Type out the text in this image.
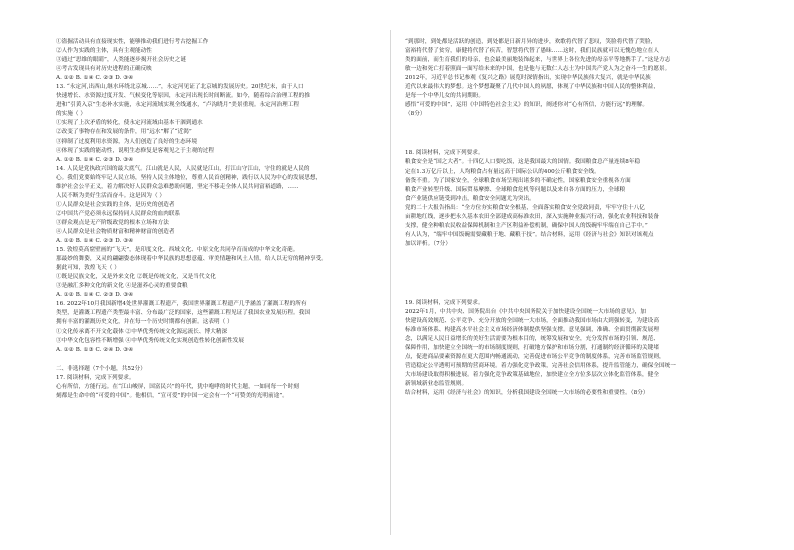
①盗掘活动具有直接现实性，能够推动我们进行考古挖掘工作
②人作为实践的主体，具有主观能动性
③通过“思维的眼睛”，人类能逐步揭开社会历史之谜
④考古发现具有对历史进程的正确反映
A. ①② B. ①④ C. ②③ D. ③④
13. “永定河,出西山,继水环绕北京城……”，永定河见证了北京城的发展历史。20世纪末，由于人口
快速增长、水资源过度开发、气候变化等原因，永定河出现长时间断流。如今，随着综合治理工程的推
进和“引黄入京”生态补水实施，永定河流域实现全线通水，“卢沟晓月”美景重现。永定河治理工程
的实施（ ）
①实现了上次矛盾的转化，使永定河流域由基本干涸到通水
②改变了事物存在和发展的条件，用“远水”解了“近渴”
③抑制了过度利用水资源，为人们创造了良好的生态环境
④体现了实践的能动性，说明生态修复是客观见之于主观的过程
A. ①② B. ①④ C. ②③ D. ③④
14. 人民是党执政兴国的最大底气。江山就是人民，人民就是江山，打江山守江山，守住的就是人民的
心。我们党要始终牢记人民立场，坚持人民主体地位，尊重人民首创精神，践行以人民为中心的发展思想，
维护社会公平正义，着力解决好人民群众急难愁盼问题，坚定不移走全体人民共同富裕道路，……
人民不断为美好生活而奋斗。这是因为（ ）
①人民群众是社会实践的主体，是历史的创造者
②中国共产党必须永远保持同人民群众的血肉联系
③群众观点是无产阶级政党的根本立场和方法
④人民群众是社会物质财富和精神财富的创造者
A. ①② B. ①④ C. ②③ D. ③④
15. 敦煌莫高窟壁画的“飞天”，是印度文化、西域文化、中原文化共同孕育而成的中华文化奇葩。
那最妙的舞姿，又灵的翩翩姿态体现着中华民族的思想意蕴、审美情趣和风土人情，给人以无穷的精神享受。
据此可知，敦煌飞天（ ）
①既是民族文化，又是外来文化 ②既是传统文化，又是当代文化
③是融汇多种文化的新文化 ④是滋养心灵的重要食粮
A. ①② B. ①④ C. ②③ D. ③④
16. 2022年10月我国新增4处世界灌溉工程遗产，我国世界灌溉工程遗产几乎涵盖了灌溉工程的所有
类型，是灌溉工程遗产类型最丰富、分布最广泛的国家，这些灌溉工程见证了我国农业发展历程。我国
拥有丰富的灌溉历史文化，并在每一个历史时期都有创新。这表明（ ）
①文化传承离不开文化载体 ②中华优秀传统文化源远流长、博大精深
③中华文化包容性不断增强 ④中华优秀传统文化实现创造性转化创新性发展
A. ①② B. ①③ C. ②④ D. ③④
二、非选择题（7个小题，共52分）
17. 阅读材料，完成下列要求。
心有所信，方能行远。在“江山峻屏，国富民兴”的年代，犹中咆哮的时代主题，一如同每一个时刻
刻都是生命中的“可爱的中国”。他相信，“宣可爱”的中国一定会有一个“可赞美的光明前途”。
“到那时，到处都是活跃的创造，到处都是日新月异的进步，欢歌将代替了悲叹，笑脸将代替了哭脸，
富裕将代替了贫穷，康健将代替了疾苦，智慧将代替了愚昧……这时，我们民族就可以无愧色地立在人
类的面前，而生育我们的母亲，也会最美丽地装饰起来，与世界上各位先进的母亲平等地携手了。”这是方志
敏一边和死亡打着照面一面写给未来的中国，也是他与无数仁人志士为中国共产党人为之奋斗一生的愿景。
2012年，习近平总书记参观《复兴之路》展览时深情指出，实现中华民族伟大复兴，就是中华民族
近代以来最伟大的梦想。这个梦想凝聚了几代中国人的夙愿，体现了中华民族和中国人民的整体利益，
是每一个中华儿女的共同期盼。
感悟“可爱的中国”，运用《中国特色社会主义》的知识，阐述你对“心有所信，方能行远”的理解。
（8分）
18. 阅读材料，完成下列要求。
粮食安全是“国之大者”。十四亿人口要吃饭，这是我国最大的国情。我国粮食总产量连续8年稳
定在1.3万亿斤以上，人均粮食占有量远高于国际公认的400公斤粮食安全线。
备货不重。为了国家安全，全球粮食市场呈现出诸多的不确定性，国家粮食安全重视各方面
粮食产业转型升级、国际贸易摩擦、全球粮食危机等问题以及来自各方面的压力，全球粮
食产业链供应链受到冲击，粮食安全问题尤为突出。
党的二十大报告指出：“全方位夯实粮食安全根基，全面落实粮食安全党政同责，牢牢守住十八亿
亩耕地红线，逐步把永久基本农田全部建成高标准农田，深入实施种业振兴行动，强化农业科技和装备
支撑，健全种粮农民收益保障机制和主产区利益补偿机制，确保中国人的饭碗牢牢端在自己手中。”
有人认为，“端牢中国饭碗需要藏粮于地、藏粮于技”。结合材料，运用《经济与社会》知识对该观点
加以评析。（7分）
19. 阅读材料，完成下列要求。
2022年1月，中共中央、国务院出台《中共中央国务院关于加快建设全国统一大市场的意见》，加
快建设高效规范、公平竞争、充分开放的全国统一大市场，全面推动我国市场由大到强转变，为建设高
标准市场体系、构建高水平社会主义市场经济体制提供坚强支撑。意见强调，准确、全面贯彻新发展理
念，以满足人民日益增长的美好生活需要为根本目的，统筹发展和安全，充分发挥市场的引领、规范、
保障作用，加快建立全国统一的市场制度规则，打破地方保护和市场分割，打通制约经济循环的关键堵
点，促进商品要素资源在更大范围内畅通流动，完善促进市场公平竞争的制度体系，完善市场监管规则，
营造稳定公平透明可预期的营商环境。着力强化竞争政策，完善社会信用体系，提升监管能力，确保全国统一
大市场建设取得积极进展。着力强化竞争政策基础地位，加快建立全方位多层次立体化监管体系，健全
新领域新业态监管规则。
结合材料，运用《经济与社会》的知识，分析我国建设全国统一大市场的必要性和重要性。（8分）
